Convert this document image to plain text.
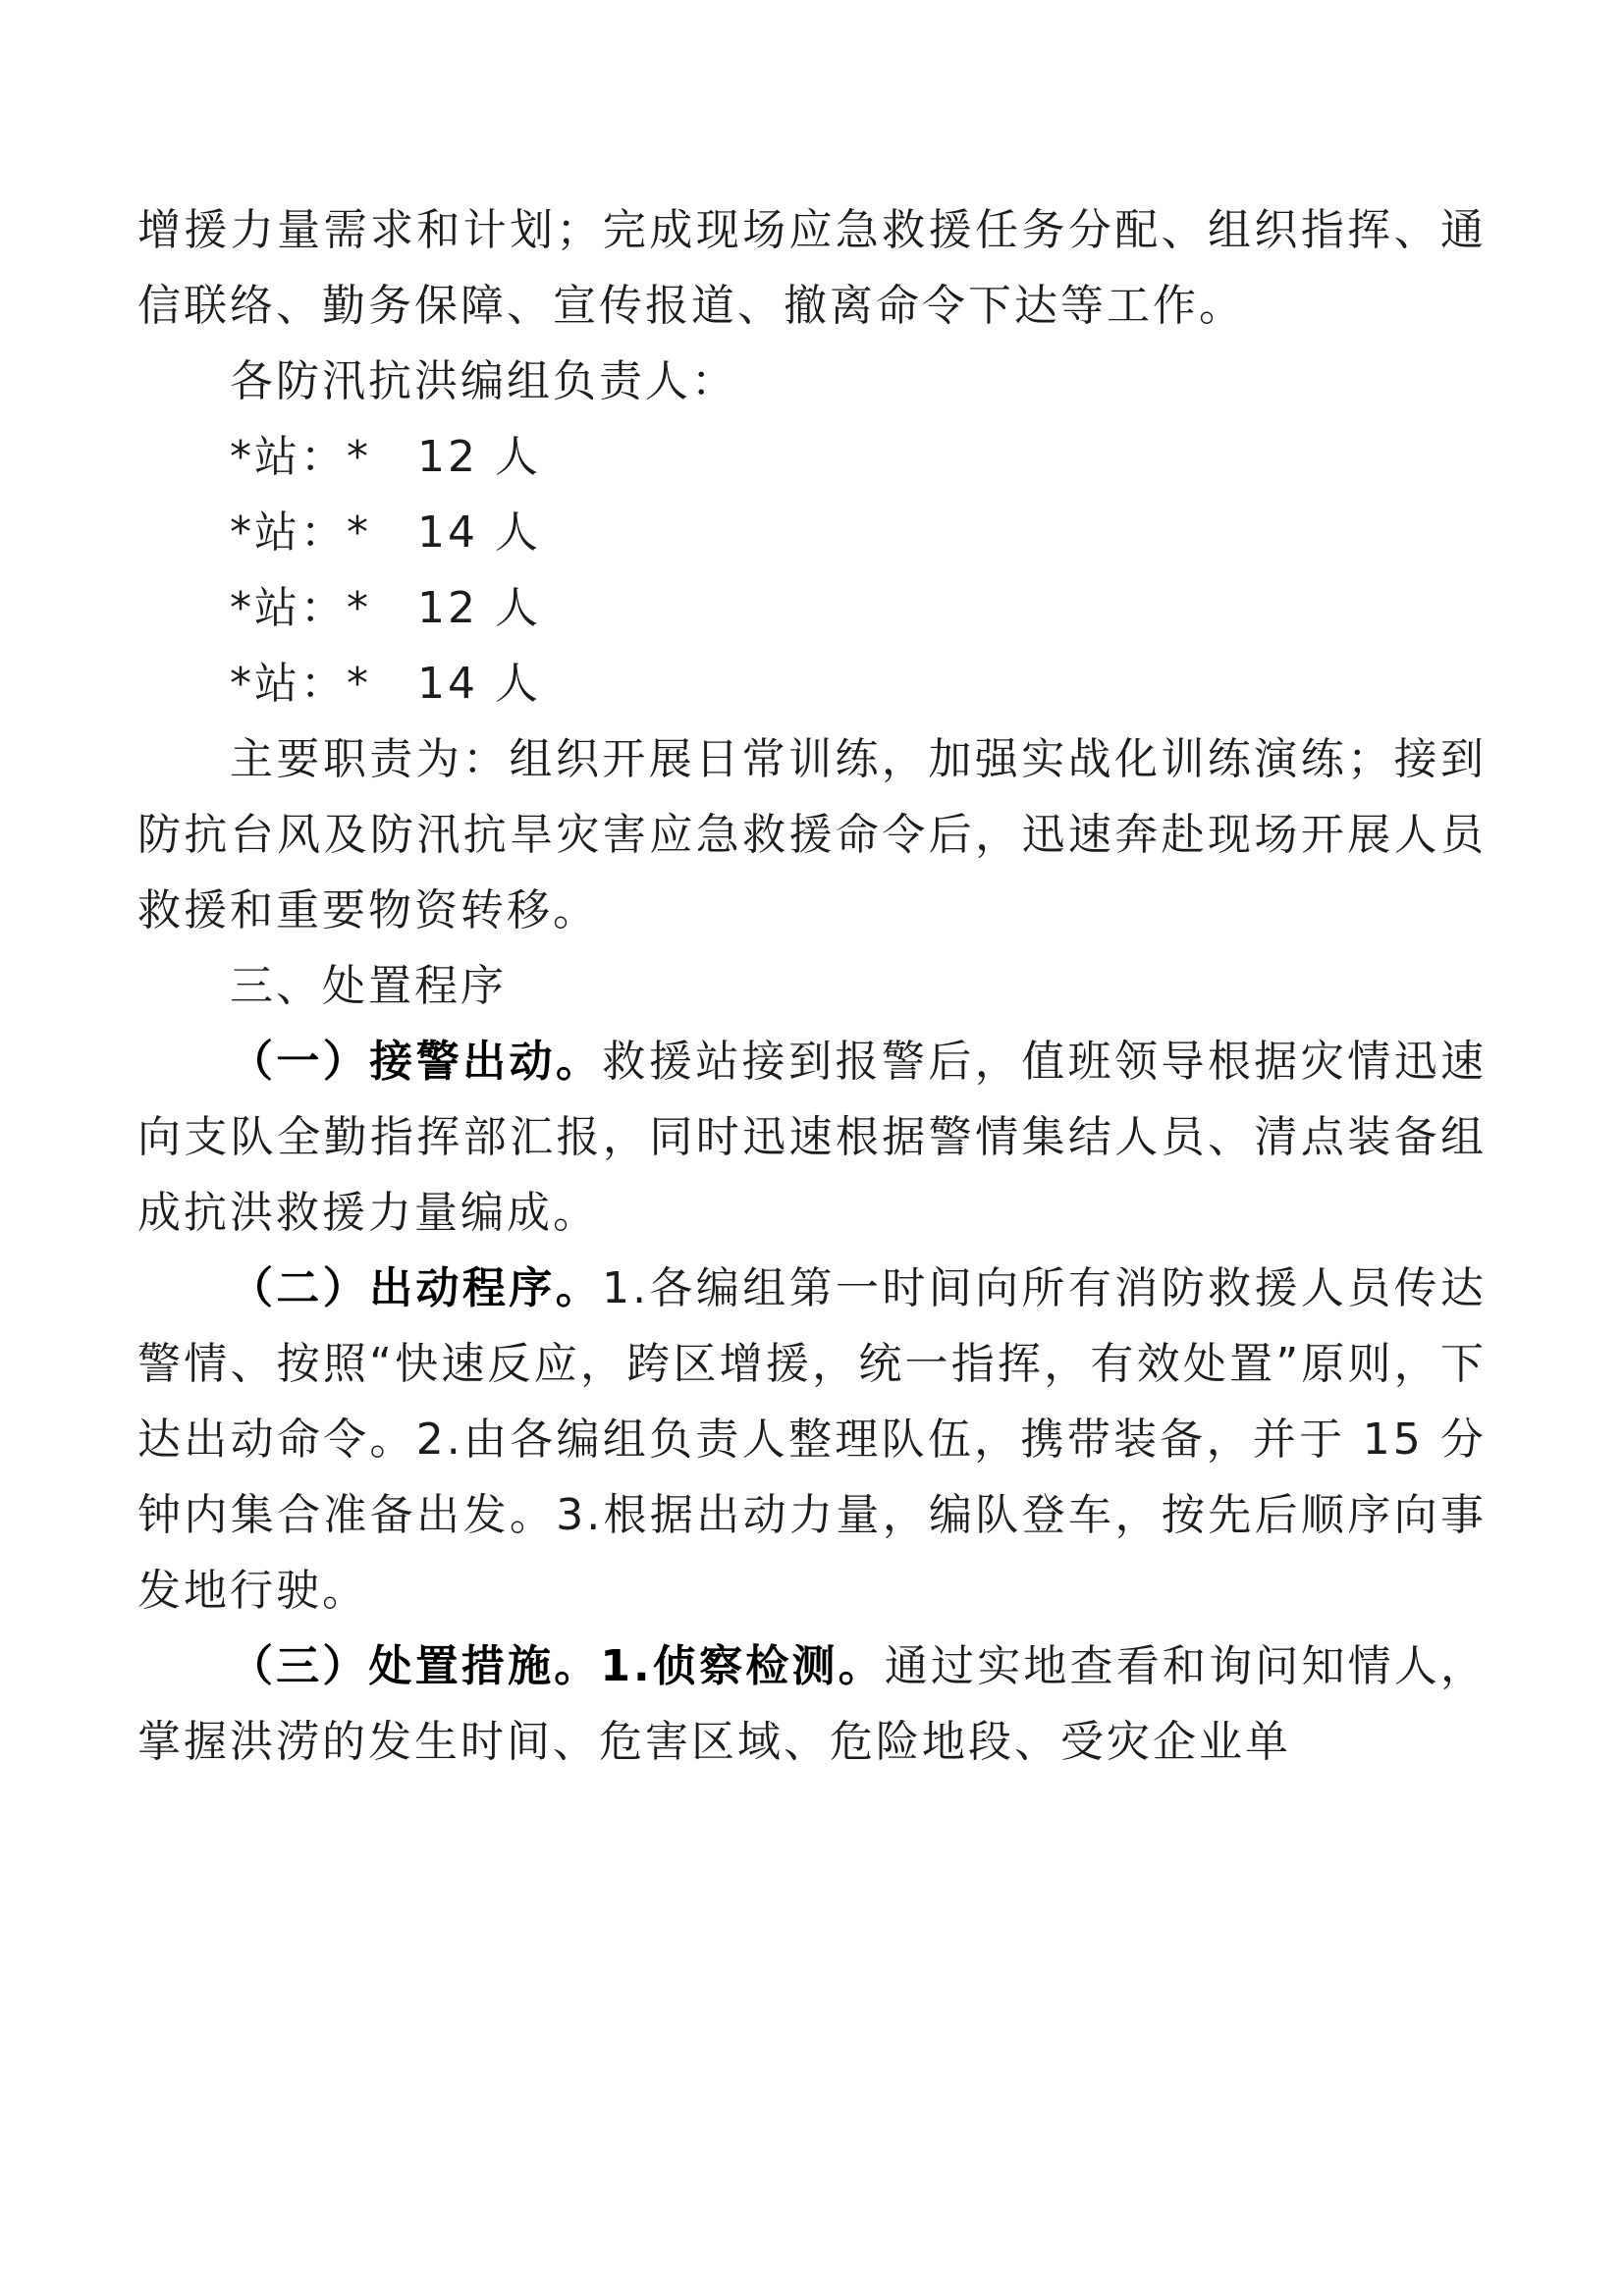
增援力量需求和计划；完成现场应急救援任务分配、组织指挥、通信联络、勤务保障、宣传报道、撤离命令下达等工作。

各防汛抗洪编组负责人：

*站：*　12 人

*站：*　14 人

*站：*　12 人

*站：*　14 人

主要职责为：组织开展日常训练，加强实战化训练演练；接到防抗台风及防汛抗旱灾害应急救援命令后，迅速奔赴现场开展人员救援和重要物资转移。

三、处置程序

（一）接警出动。救援站接到报警后，值班领导根据灾情迅速向支队全勤指挥部汇报，同时迅速根据警情集结人员、清点装备组成抗洪救援力量编成。

（二）出动程序。1.各编组第一时间向所有消防救援人员传达警情、按照“快速反应，跨区增援，统一指挥，有效处置”原则，下达出动命令。2.由各编组负责人整理队伍，携带装备，并于 15 分钟内集合准备出发。3.根据出动力量，编队登车，按先后顺序向事发地行驶。

（三）处置措施。1.侦察检测。通过实地查看和询问知情人，掌握洪涝的发生时间、危害区域、危险地段、受灾企业单
